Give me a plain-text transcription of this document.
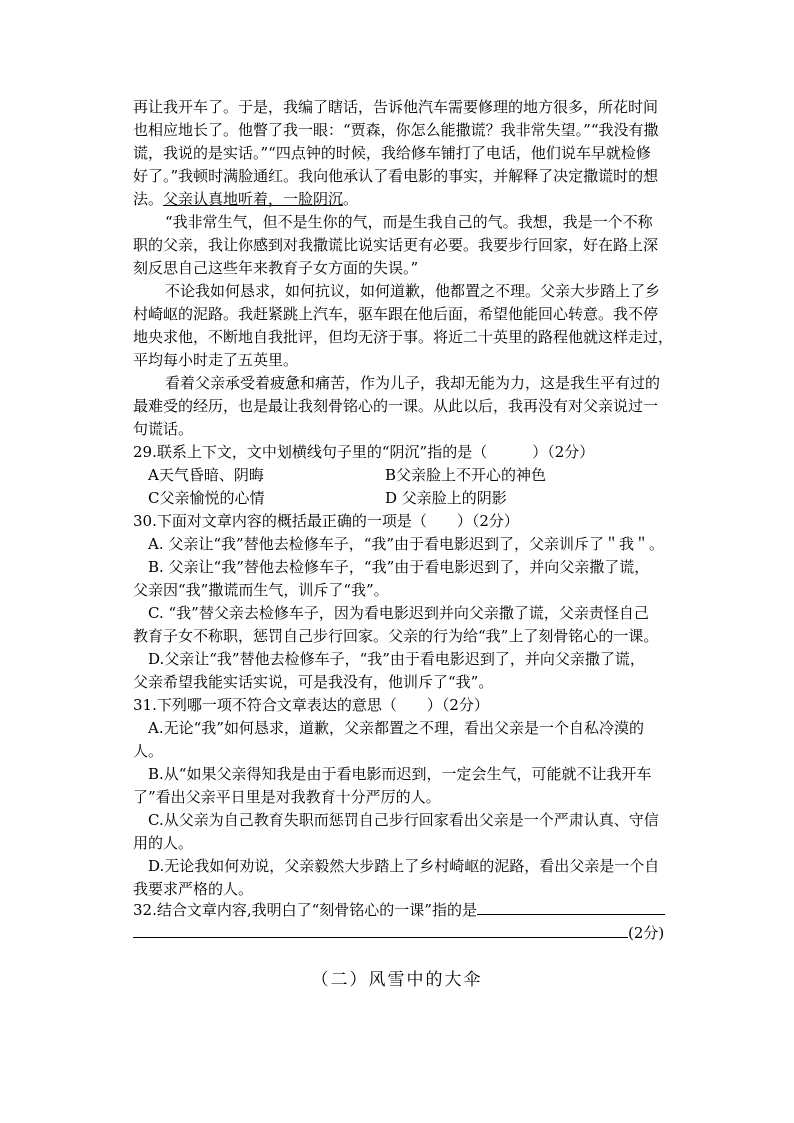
再让我开车了。于是，我编了瞎话，告诉他汽车需要修理的地方很多，所花时间
也相应地长了。他瞥了我一眼：“贾森，你怎么能撒谎？我非常失望。”“我没有撒
谎，我说的是实话。”“四点钟的时候，我给修车铺打了电话，他们说车早就检修
好了。”我顿时满脸通红。我向他承认了看电影的事实，并解释了决定撒谎时的想
法。父亲认真地听着，一脸阴沉。
“我非常生气，但不是生你的气，而是生我自己的气。我想，我是一个不称
职的父亲，我让你感到对我撒谎比说实话更有必要。我要步行回家，好在路上深
刻反思自己这些年来教育子女方面的失误。”
不论我如何恳求，如何抗议，如何道歉，他都置之不理。父亲大步踏上了乡
村崎岖的泥路。我赶紧跳上汽车，驱车跟在他后面，希望他能回心转意。我不停
地央求他，不断地自我批评，但均无济于事。将近二十英里的路程他就这样走过，
平均每小时走了五英里。
看着父亲承受着疲惫和痛苦，作为儿子，我却无能为力，这是我生平有过的
最难受的经历，也是最让我刻骨铭心的一课。从此以后，我再没有对父亲说过一
句谎话。
29.联系上下文，文中划横线句子里的“阴沉”指的是（　　　）（2分）
A天气昏暗、阴晦	B父亲脸上不开心的神色
C父亲愉悦的心情	D 父亲脸上的阴影
30.下面对文章内容的概括最正确的一项是（　　）（2分）
A. 父亲让“我”替他去检修车子，“我”由于看电影迟到了，父亲训斥了＂我＂。
B. 父亲让“我”替他去检修车子，“我”由于看电影迟到了，并向父亲撒了谎，
父亲因“我”撒谎而生气，训斥了“我”。
C. “我”替父亲去检修车子，因为看电影迟到并向父亲撒了谎，父亲责怪自己
教育子女不称职，惩罚自己步行回家。父亲的行为给“我”上了刻骨铭心的一课。
D.父亲让“我”替他去检修车子，“我”由于看电影迟到了，并向父亲撒了谎，
父亲希望我能实话实说，可是我没有，他训斥了“我”。
31.下列哪一项不符合文章表达的意思（　　）（2分）
A.无论“我”如何恳求，道歉，父亲都置之不理，看出父亲是一个自私冷漠的
人。
B.从“如果父亲得知我是由于看电影而迟到，一定会生气，可能就不让我开车
了”看出父亲平日里是对我教育十分严厉的人。
C.从父亲为自己教育失职而惩罚自己步行回家看出父亲是一个严肃认真、守信
用的人。
D.无论我如何劝说，父亲毅然大步踏上了乡村崎岖的泥路，看出父亲是一个自
我要求严格的人。
32.结合文章内容,我明白了“刻骨铭心的一课”指的是
(2分)
（二）风雪中的大伞
